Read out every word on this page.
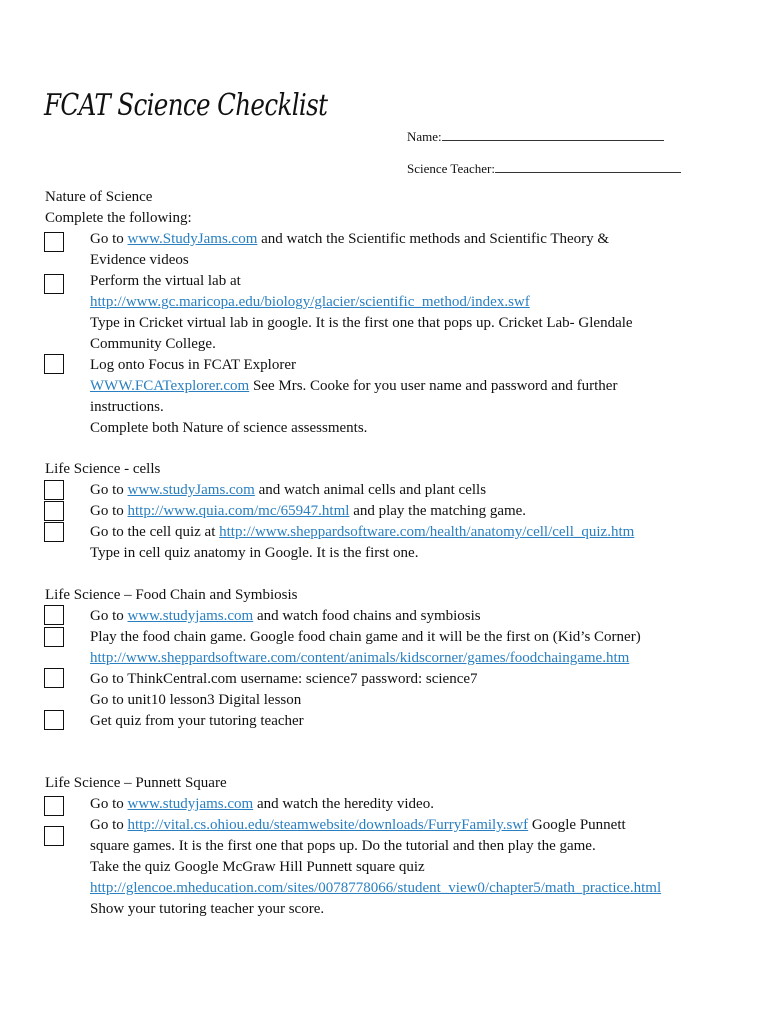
FCAT Science Checklist
Name:
Science Teacher:
Nature of Science
Complete the following:
Go to www.StudyJams.com and watch the Scientific methods and Scientific Theory &
Evidence videos
Perform the virtual lab at
http://www.gc.maricopa.edu/biology/glacier/scientific_method/index.swf
Type in Cricket virtual lab in google. It is the first one that pops up. Cricket Lab- Glendale
Community College.
Log onto Focus in FCAT Explorer
WWW.FCATexplorer.com See Mrs. Cooke for you user name and password and further
instructions.
Complete both Nature of science assessments.
Life Science - cells
Go to www.studyJams.com and watch animal cells and plant cells
Go to http://www.quia.com/mc/65947.html and play the matching game.
Go to the cell quiz at http://www.sheppardsoftware.com/health/anatomy/cell/cell_quiz.htm
Type in cell quiz anatomy in Google. It is the first one.
Life Science – Food Chain and Symbiosis
Go to www.studyjams.com and watch food chains and symbiosis
Play the food chain game. Google food chain game and it will be the first on (Kid’s Corner)
http://www.sheppardsoftware.com/content/animals/kidscorner/games/foodchaingame.htm
Go to ThinkCentral.com username: science7 password: science7
Go to unit10 lesson3 Digital lesson
Get quiz from your tutoring teacher
Life Science – Punnett Square
Go to www.studyjams.com and watch the heredity video.
Go to http://vital.cs.ohiou.edu/steamwebsite/downloads/FurryFamily.swf Google Punnett
square games. It is the first one that pops up. Do the tutorial and then play the game.
Take the quiz Google McGraw Hill Punnett square quiz
http://glencoe.mheducation.com/sites/0078778066/student_view0/chapter5/math_practice.html
Show your tutoring teacher your score.
